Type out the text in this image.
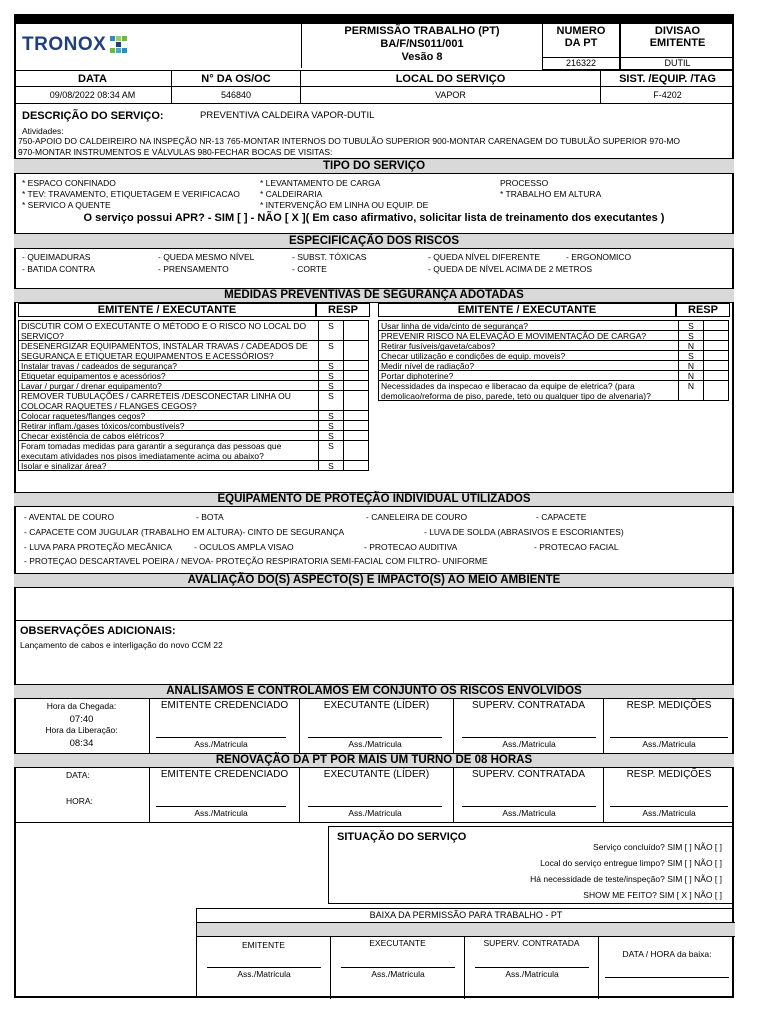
TRONOX
PERMISSÃO TRABALHO (PT)
BA/F/NS011/001
Vesão 8
NUMERO DA PT
216322
DIVISAO EMITENTE
DUTIL
DATA	N° DA OS/OC	LOCAL DO SERVIÇO	SIST. /EQUIP. /TAG
09/08/2022 08:34 AM	546840	VAPOR	F-4202
DESCRIÇÃO DO SERVIÇO:	PREVENTIVA CALDEIRA VAPOR-DUTIL
Atividades:
750-APOIO DO CALDEIREIRO NA INSPEÇÃO NR-13 765-MONTAR INTERNOS DO TUBULÃO SUPERIOR 900-MONTAR CARENAGEM DO TUBULÃO SUPERIOR 970-MO
970-MONTAR INSTRUMENTOS E VÁLVULAS 980-FECHAR BOCAS DE VISITAS:
TIPO DO SERVIÇO
* ESPACO CONFINADO
* TEV: TRAVAMENTO, ETIQUETAGEM E VERIFICACAO
* SERVICO A QUENTE
* LEVANTAMENTO DE CARGA
* CALDEIRARIA
* INTERVENÇÃO EM LINHA OU EQUIP. DE
PROCESSO
* TRABALHO EM ALTURA
O serviço possui APR? - SIM [ ] - NÃO [ X ]( Em caso afirmativo, solicitar lista de treinamento dos executantes )
ESPECIFICAÇÃO DOS RISCOS
- QUEIMADURAS	- QUEDA MESMO NÍVEL	- SUBST. TÓXICAS	- QUEDA NÍVEL DIFERENTE	- ERGONOMICO
- BATIDA CONTRA	- PRENSAMENTO	- CORTE	- QUEDA DE NÍVEL ACIMA DE 2 METROS
MEDIDAS PREVENTIVAS DE SEGURANÇA ADOTADAS
EMITENTE / EXECUTANTE	RESP	EMITENTE / EXECUTANTE	RESP
DISCUTIR COM O EXECUTANTE O MÉTODO E O RISCO NO LOCAL DO SERVIÇO?
S
DESENERGIZAR EQUIPAMENTOS, INSTALAR TRAVAS / CADEADOS DE SEGURANÇA E ETIQUETAR EQUIPAMENTOS E ACESSÓRIOS?
S
Instalar travas / cadeados de segurança?	S
Etiquetar equipamentos e acessórios?	S
Lavar / purgar / drenar equipamento?	S
REMOVER TUBULAÇÕES / CARRETEIS /DESCONECTAR LINHA OU COLOCAR RAQUETES / FLANGES CEGOS?
S
Colocar raquetes/flanges cegos?	S
Retirar inflam./gases tóxicos/combustíveis?	S
Checar existência de cabos elétricos?	S
Foram tomadas medidas para garantir a segurança das pessoas que executam atividades nos pisos imediatamente acima ou abaixo?
S
Isolar e sinalizar área?	S
Usar linha de vida/cinto de segurança?	S
PREVENIR RISCO NA ELEVAÇÃO E MOVIMENTAÇÃO DE CARGA?	S
Retirar fusíveis/gaveta/cabos?	N
Checar utilização e condições de equip. moveis?	S
Medir nível de radiação?	N
Portar diphoterine?	N
Necessidades da inspecao e liberacao da equipe de eletrica? (para demolicao/reforma de piso, parede, teto ou qualquer tipo de alvenaria)?
N
EQUIPAMENTO DE PROTEÇÃO INDIVIDUAL UTILIZADOS
- AVENTAL DE COURO	- BOTA	- CANELEIRA DE COURO	- CAPACETE
- CAPACETE COM JUGULAR (TRABALHO EM ALTURA)- CINTO DE SEGURANÇA	- LUVA DE SOLDA (ABRASIVOS E ESCORIANTES)
- LUVA PARA PROTEÇÃO MECÂNICA	- OCULOS AMPLA VISAO	- PROTECAO AUDITIVA	- PROTECAO FACIAL
- PROTEÇAO DESCARTAVEL POEIRA / NEVOA- PROTEÇÃO RESPIRATORIA SEMI-FACIAL COM FILTRO- UNIFORME
AVALIAÇÃO DO(S) ASPECTO(S) E IMPACTO(S) AO MEIO AMBIENTE
OBSERVAÇÕES ADICIONAIS:
Lançamento de cabos e interligação do novo CCM 22
ANALISAMOS E CONTROLAMOS EM CONJUNTO OS RISCOS ENVOLVIDOS
Hora da Chegada:
07:40
Hora da Liberação:
08:34
EMITENTE CREDENCIADO
Ass./Matricula
EXECUTANTE (LÍDER)
Ass./Matricula
SUPERV. CONTRATADA
Ass./Matricula
RESP. MEDIÇÕES
Ass./Matricula
RENOVAÇÃO DA PT POR MAIS UM TURNO DE 08 HORAS
DATA:
HORA:
EMITENTE CREDENCIADO
Ass./Matricula
EXECUTANTE (LÍDER)
Ass./Matricula
SUPERV. CONTRATADA
Ass./Matricula
RESP. MEDIÇÕES
Ass./Matricula
SITUAÇÃO DO SERVIÇO
Serviço concluído? SIM [ ] NÃO [ ]
Local do serviço entregue limpo? SIM [ ] NÃO [ ]
Há necessidade de teste/inspeção? SIM [ ] NÃO [ ]
SHOW ME FEITO? SIM [ X ] NÃO [ ]
BAIXA DA PERMISSÃO PARA TRABALHO - PT
EMITENTE
Ass./Matricula
EXECUTANTE
Ass./Matricula
SUPERV. CONTRATADA
Ass./Matricula
DATA / HORA da baixa:
